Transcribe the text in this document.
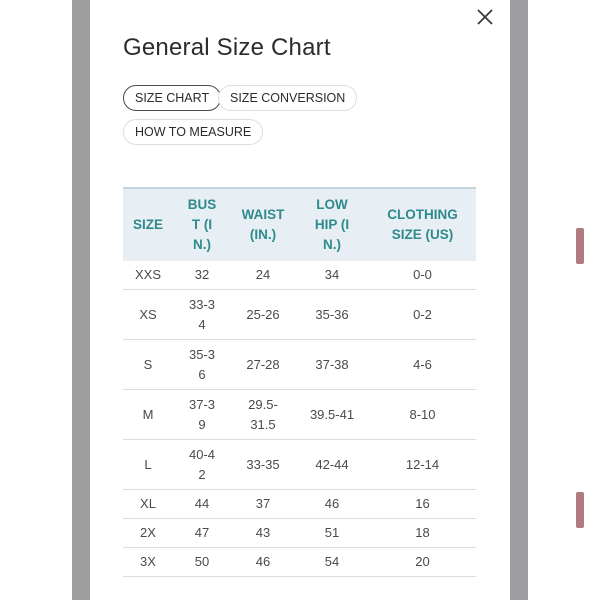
General Size Chart
SIZE CHART	SIZE CONVERSION
HOW TO MEASURE
SIZE	BUST (IN.)	WAIST (IN.)	LOW HIP (IN.)	CLOTHING SIZE (US)
XXS	32	24	34	0-0
XS	33-34	25-26	35-36	0-2
S	35-36	27-28	37-38	4-6
M	37-39	29.5-31.5	39.5-41	8-10
L	40-42	33-35	42-44	12-14
XL	44	37	46	16
2X	47	43	51	18
3X	50	46	54	20
